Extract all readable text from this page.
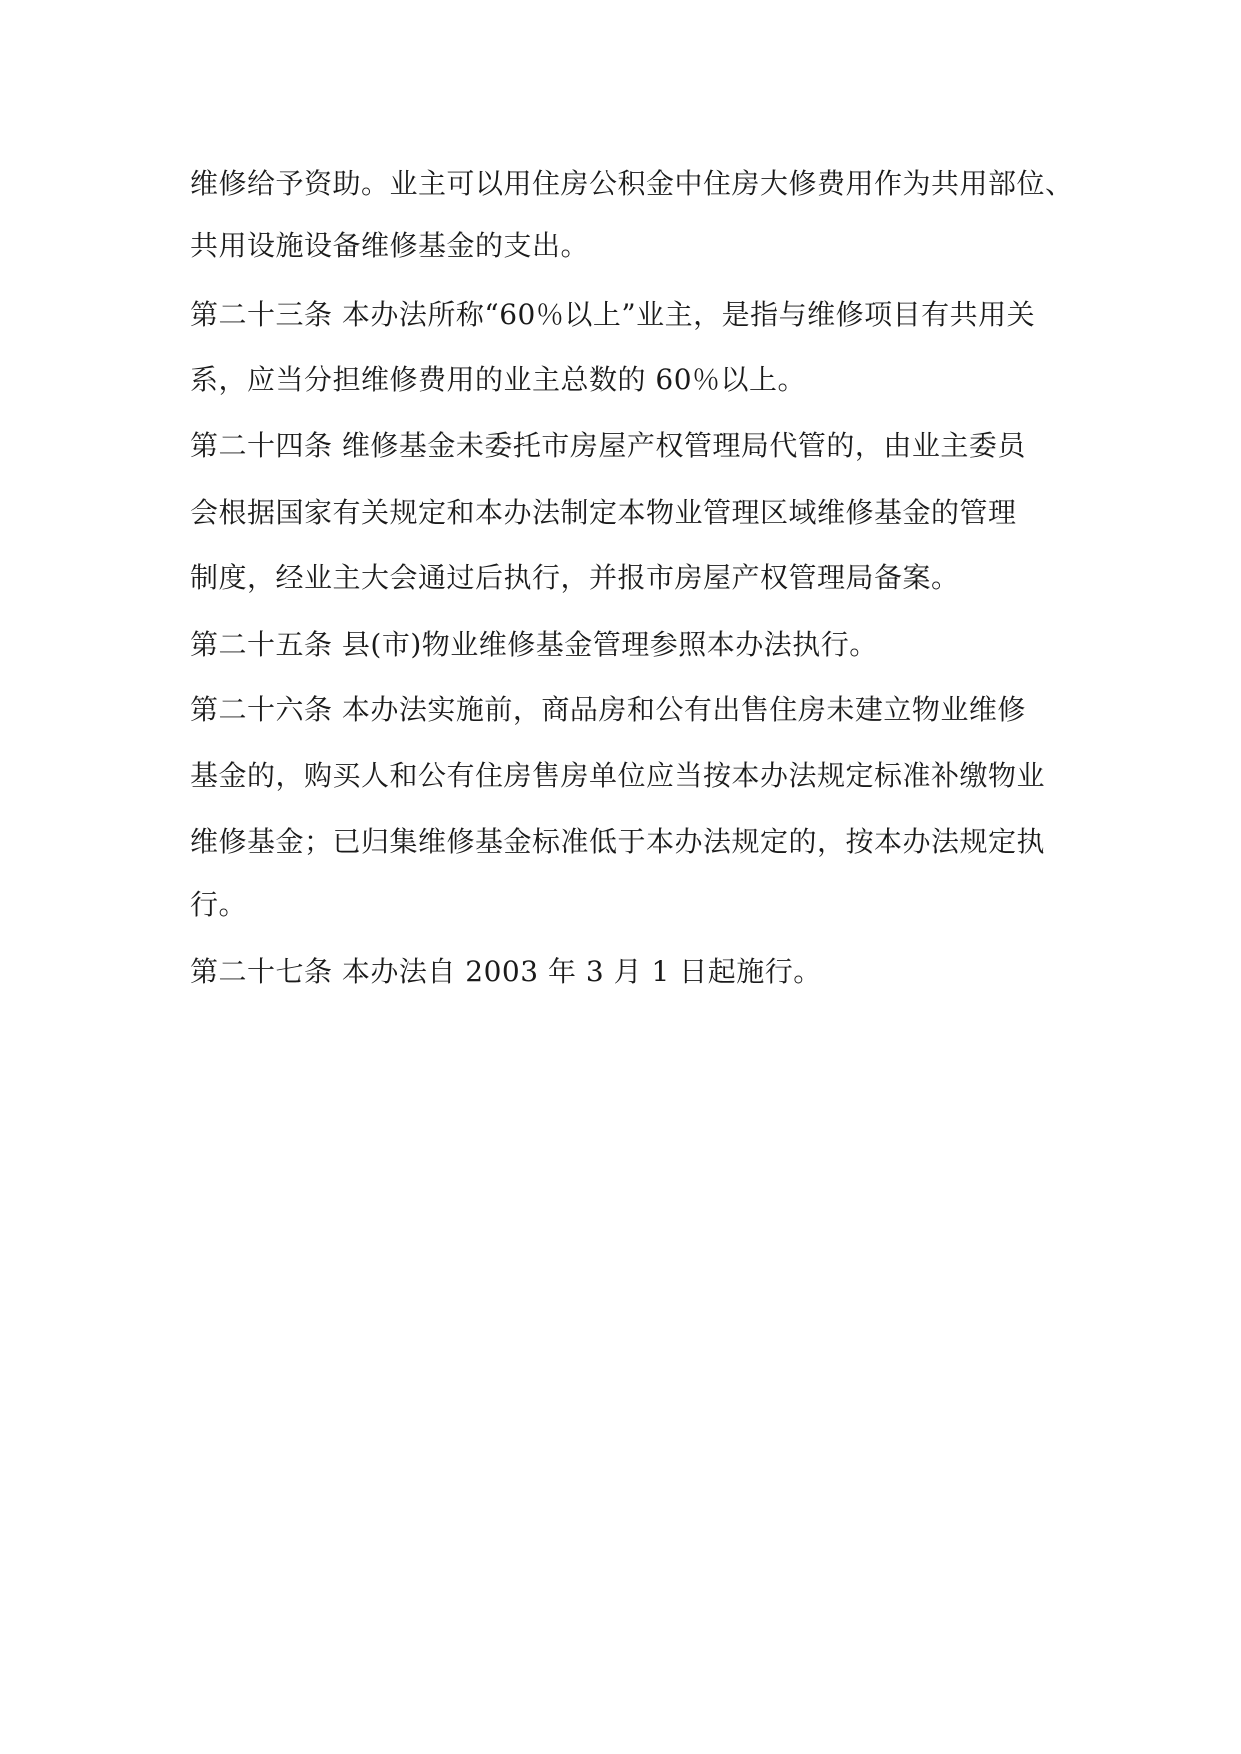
维修给予资助。业主可以用住房公积金中住房大修费用作为共用部位、
共用设施设备维修基金的支出。
第二十三条 本办法所称“60％以上”业主，是指与维修项目有共用关
系，应当分担维修费用的业主总数的 60％以上。
第二十四条 维修基金未委托市房屋产权管理局代管的，由业主委员
会根据国家有关规定和本办法制定本物业管理区域维修基金的管理
制度，经业主大会通过后执行，并报市房屋产权管理局备案。
第二十五条 县(市)物业维修基金管理参照本办法执行。
第二十六条 本办法实施前，商品房和公有出售住房未建立物业维修
基金的，购买人和公有住房售房单位应当按本办法规定标准补缴物业
维修基金；已归集维修基金标准低于本办法规定的，按本办法规定执
行。
第二十七条 本办法自 2003 年 3 月 1 日起施行。
